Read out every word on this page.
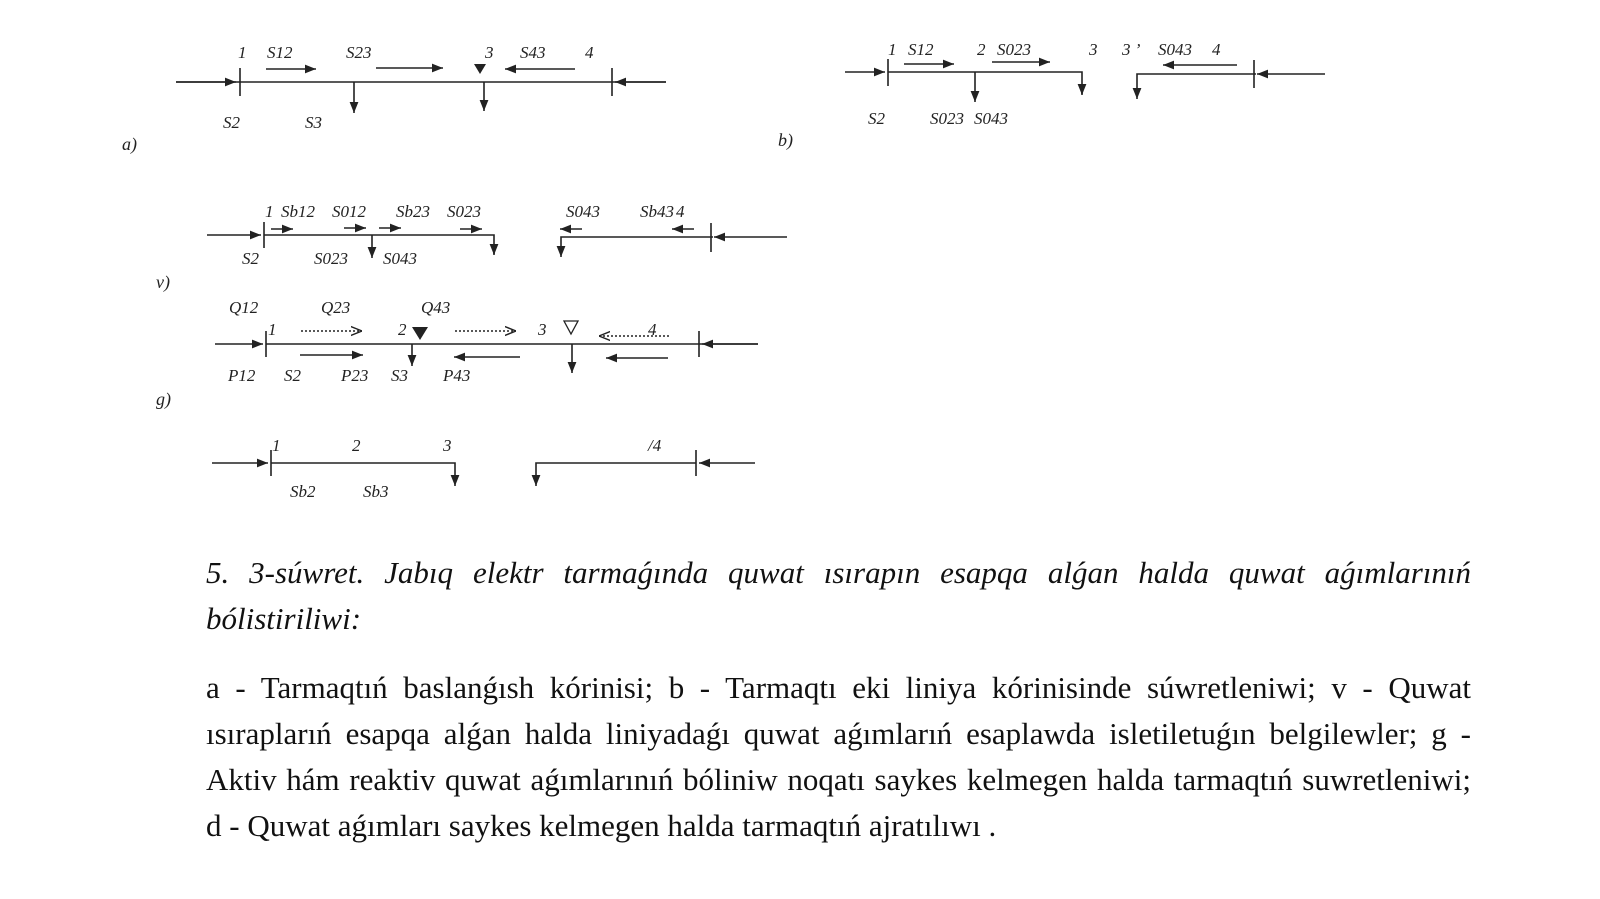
1	3	4
S12	S23	S43
S2	S3
a)
1	2	3 3 ’	4
S12	S023	S043
S2	S023 S043
b)
1	4
Sb12 S012 Sb23 S023	S043 Sb43
S2	S023 S043
v)
1	2	3	4
Q12	Q23	Q43
P12	P23	P43
S2	S3
g)
1	2	3	/4
Sb2	Sb3

5. 3-súwret. Jabıq elektr tarmaǵında quwat ısırapın esapqa alǵan halda quwat aǵımlarınıń bólistiriliwi:

a - Tarmaqtıń baslanǵısh kórinisi; b - Tarmaqtı eki liniya kórinisinde súwretleniwi; v - Quwat ısıraplarıń esapqa alǵan halda liniyadaǵı quwat aǵımlarıń esaplawda isletiletuǵın belgilewler; g - Aktiv hám reaktiv quwat aǵımlarınıń bóliniw noqatı saykes kelmegen halda tarmaqtıń suwretleniwi; d - Quwat aǵımları saykes kelmegen halda tarmaqtıń ajratılıwı .
